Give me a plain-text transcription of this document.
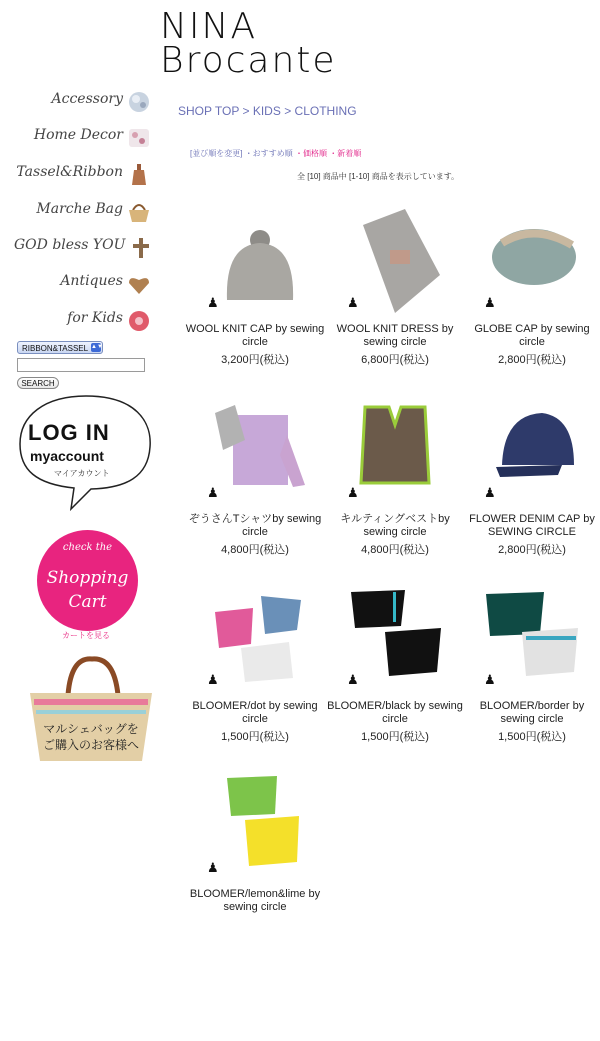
NINA
Brocante
SHOP TOP > KIDS > CLOTHING
[並び順を変更] ・おすすめ順 ・価格順 ・新着順
全 [10] 商品中 [1-10] 商品を表示しています。
Accessory
Home Decor
Tassel&Ribbon
Marche Bag
GOD bless YOU
Antiques
for Kids
RIBBON&TASSEL ▲▼
SEARCH
LOG IN
myaccount
マイアカウント
check the
Shopping
Cart
カートを見る
マルシェバッグを
ご購入のお客様へ
♟
WOOL KNIT CAP by sewing circle
3,200円(税込)
♟
WOOL KNIT DRESS by sewing circle
6,800円(税込)
♟
GLOBE CAP by sewing circle
2,800円(税込)
♟
ぞうさんTシャツby sewing circle
4,800円(税込)
♟
キルティングベストby sewing circle
4,800円(税込)
♟
FLOWER DENIM CAP by SEWING CIRCLE
2,800円(税込)
♟
BLOOMER/dot by sewing circle
1,500円(税込)
♟
BLOOMER/black by sewing circle
1,500円(税込)
♟
BLOOMER/border by sewing circle
1,500円(税込)
♟
BLOOMER/lemon&lime by sewing circle
